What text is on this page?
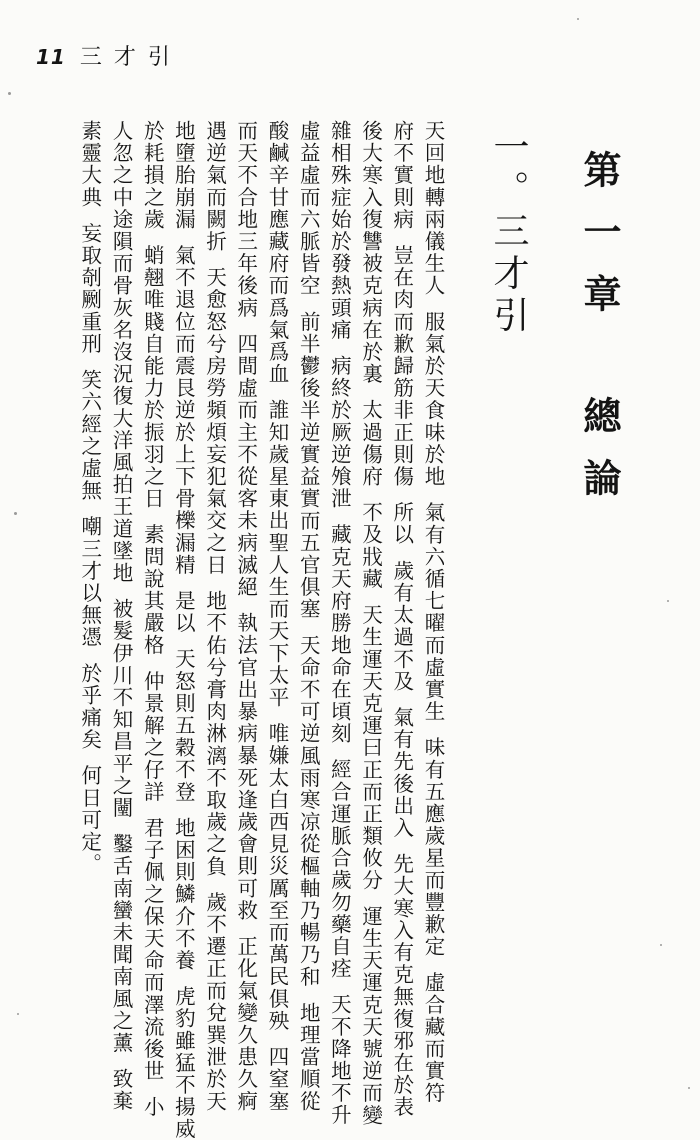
11 三才引
第一章總論
一。三才引
天回地轉兩儀生人服氣於天食味於地氣有六循七曜而虛實生味有五應歲星而豐歉定虛合藏而實符
府不實則病豈在肉而歉歸筋非正則傷所以歲有太過不及氣有先後出入先大寒入有克無復邪在於表
後大寒入復讐被克病在於裏太過傷府不及戕藏天生運天克運曰正而正類攸分運生天運克天號逆而變
雜相殊症始於發熱頭痛病終於厥逆飧泄藏克天府勝地命在頃刻經合運脈合歲勿藥自痊天不降地不升
虛益虛而六脈皆空前半鬱後半逆實益實而五官俱塞天命不可逆風雨寒凉從樞軸乃暢乃和地理當順從
酸鹹辛甘應藏府而爲氣爲血誰知歲星東出聖人生而天下太平唯嫌太白西見災厲至而萬民俱殃四窒塞
而天不合地三年後病四間虛而主不從客未病滅絕執法官出暴病暴死逢歲會則可救正化氣變久患久痾
遇逆氣而闕折天愈怒兮房勞頻煩妄犯氣交之日地不佑兮膏肉淋漓不取歲之負歲不遷正而兌巽泄於天
地墮胎崩漏氣不退位而震艮逆於上下骨櫟漏精是以天怒則五穀不登地困則鱗介不養虎豹雖猛不揚威
於耗損之歲蛸翹唯賤自能力於振羽之日素問說其嚴格仲景解之仔詳君子佩之保天命而澤流後世小
人忽之中途隕而骨灰名沒況復大洋風拍王道墜地被髮伊川不知昌平之闉鑿舌南蠻未聞南風之薰致棄
素靈大典妄取剞劂重刑笑六經之虛無嘲三才以無憑於乎痛矣何日可定。
